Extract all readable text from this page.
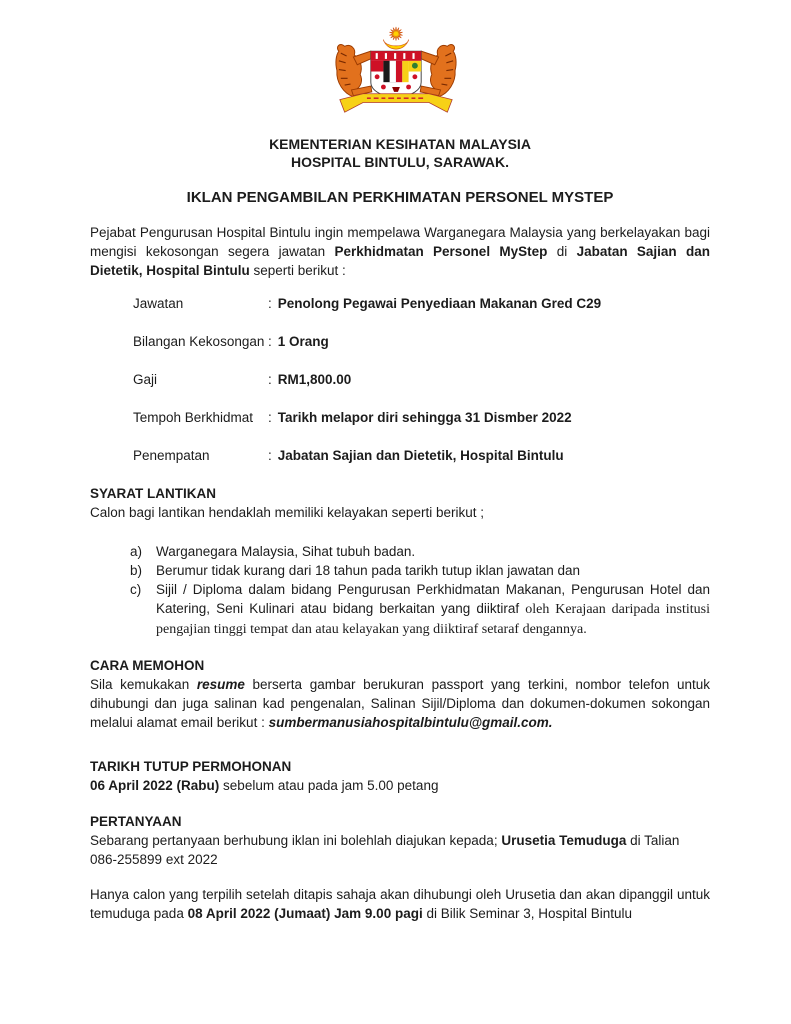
KEMENTERIAN KESIHATAN MALAYSIA
HOSPITAL BINTULU, SARAWAK.
IKLAN PENGAMBILAN PERKHIMATAN PERSONEL MYSTEP

Pejabat Pengurusan Hospital Bintulu ingin mempelawa Warganegara Malaysia yang berkelayakan bagi mengisi kekosongan segera jawatan Perkhidmatan Personel MyStep di Jabatan Sajian dan Dietetik, Hospital Bintulu seperti berikut :

Jawatan	: Penolong Pegawai Penyediaan Makanan Gred C29
Bilangan Kekosongan : 1 Orang
Gaji	: RM1,800.00
Tempoh Berkhidmat	: Tarikh melapor diri sehingga 31 Dismber 2022
Penempatan	: Jabatan Sajian dan Dietetik, Hospital Bintulu
SYARAT LANTIKAN
Calon bagi lantikan hendaklah memiliki kelayakan seperti berikut ;
a)	Warganegara Malaysia, Sihat tubuh badan.
b)	Berumur tidak kurang dari 18 tahun pada tarikh tutup iklan jawatan dan
c)	Sijil / Diploma dalam bidang Pengurusan Perkhidmatan Makanan, Pengurusan Hotel dan Katering, Seni Kulinari atau bidang berkaitan yang diiktiraf oleh Kerajaan daripada institusi pengajian tinggi tempat dan atau kelayakan yang diiktiraf setaraf dengannya.
CARA MEMOHON

Sila kemukakan resume berserta gambar berukuran passport yang terkini, nombor telefon untuk dihubungi dan juga salinan kad pengenalan, Salinan Sijil/Diploma dan dokumen-dokumen sokongan melalui alamat email berikut : sumbermanusiahospitalbintulu@gmail.com.

TARIKH TUTUP PERMOHONAN
06 April 2022 (Rabu) sebelum atau pada jam 5.00 petang
PERTANYAAN

Sebarang pertanyaan berhubung iklan ini bolehlah diajukan kepada; Urusetia Temuduga di Talian 086-255899 ext 2022

Hanya calon yang terpilih setelah ditapis sahaja akan dihubungi oleh Urusetia dan akan dipanggil untuk temuduga pada 08 April 2022 (Jumaat) Jam 9.00 pagi di Bilik Seminar 3, Hospital Bintulu
